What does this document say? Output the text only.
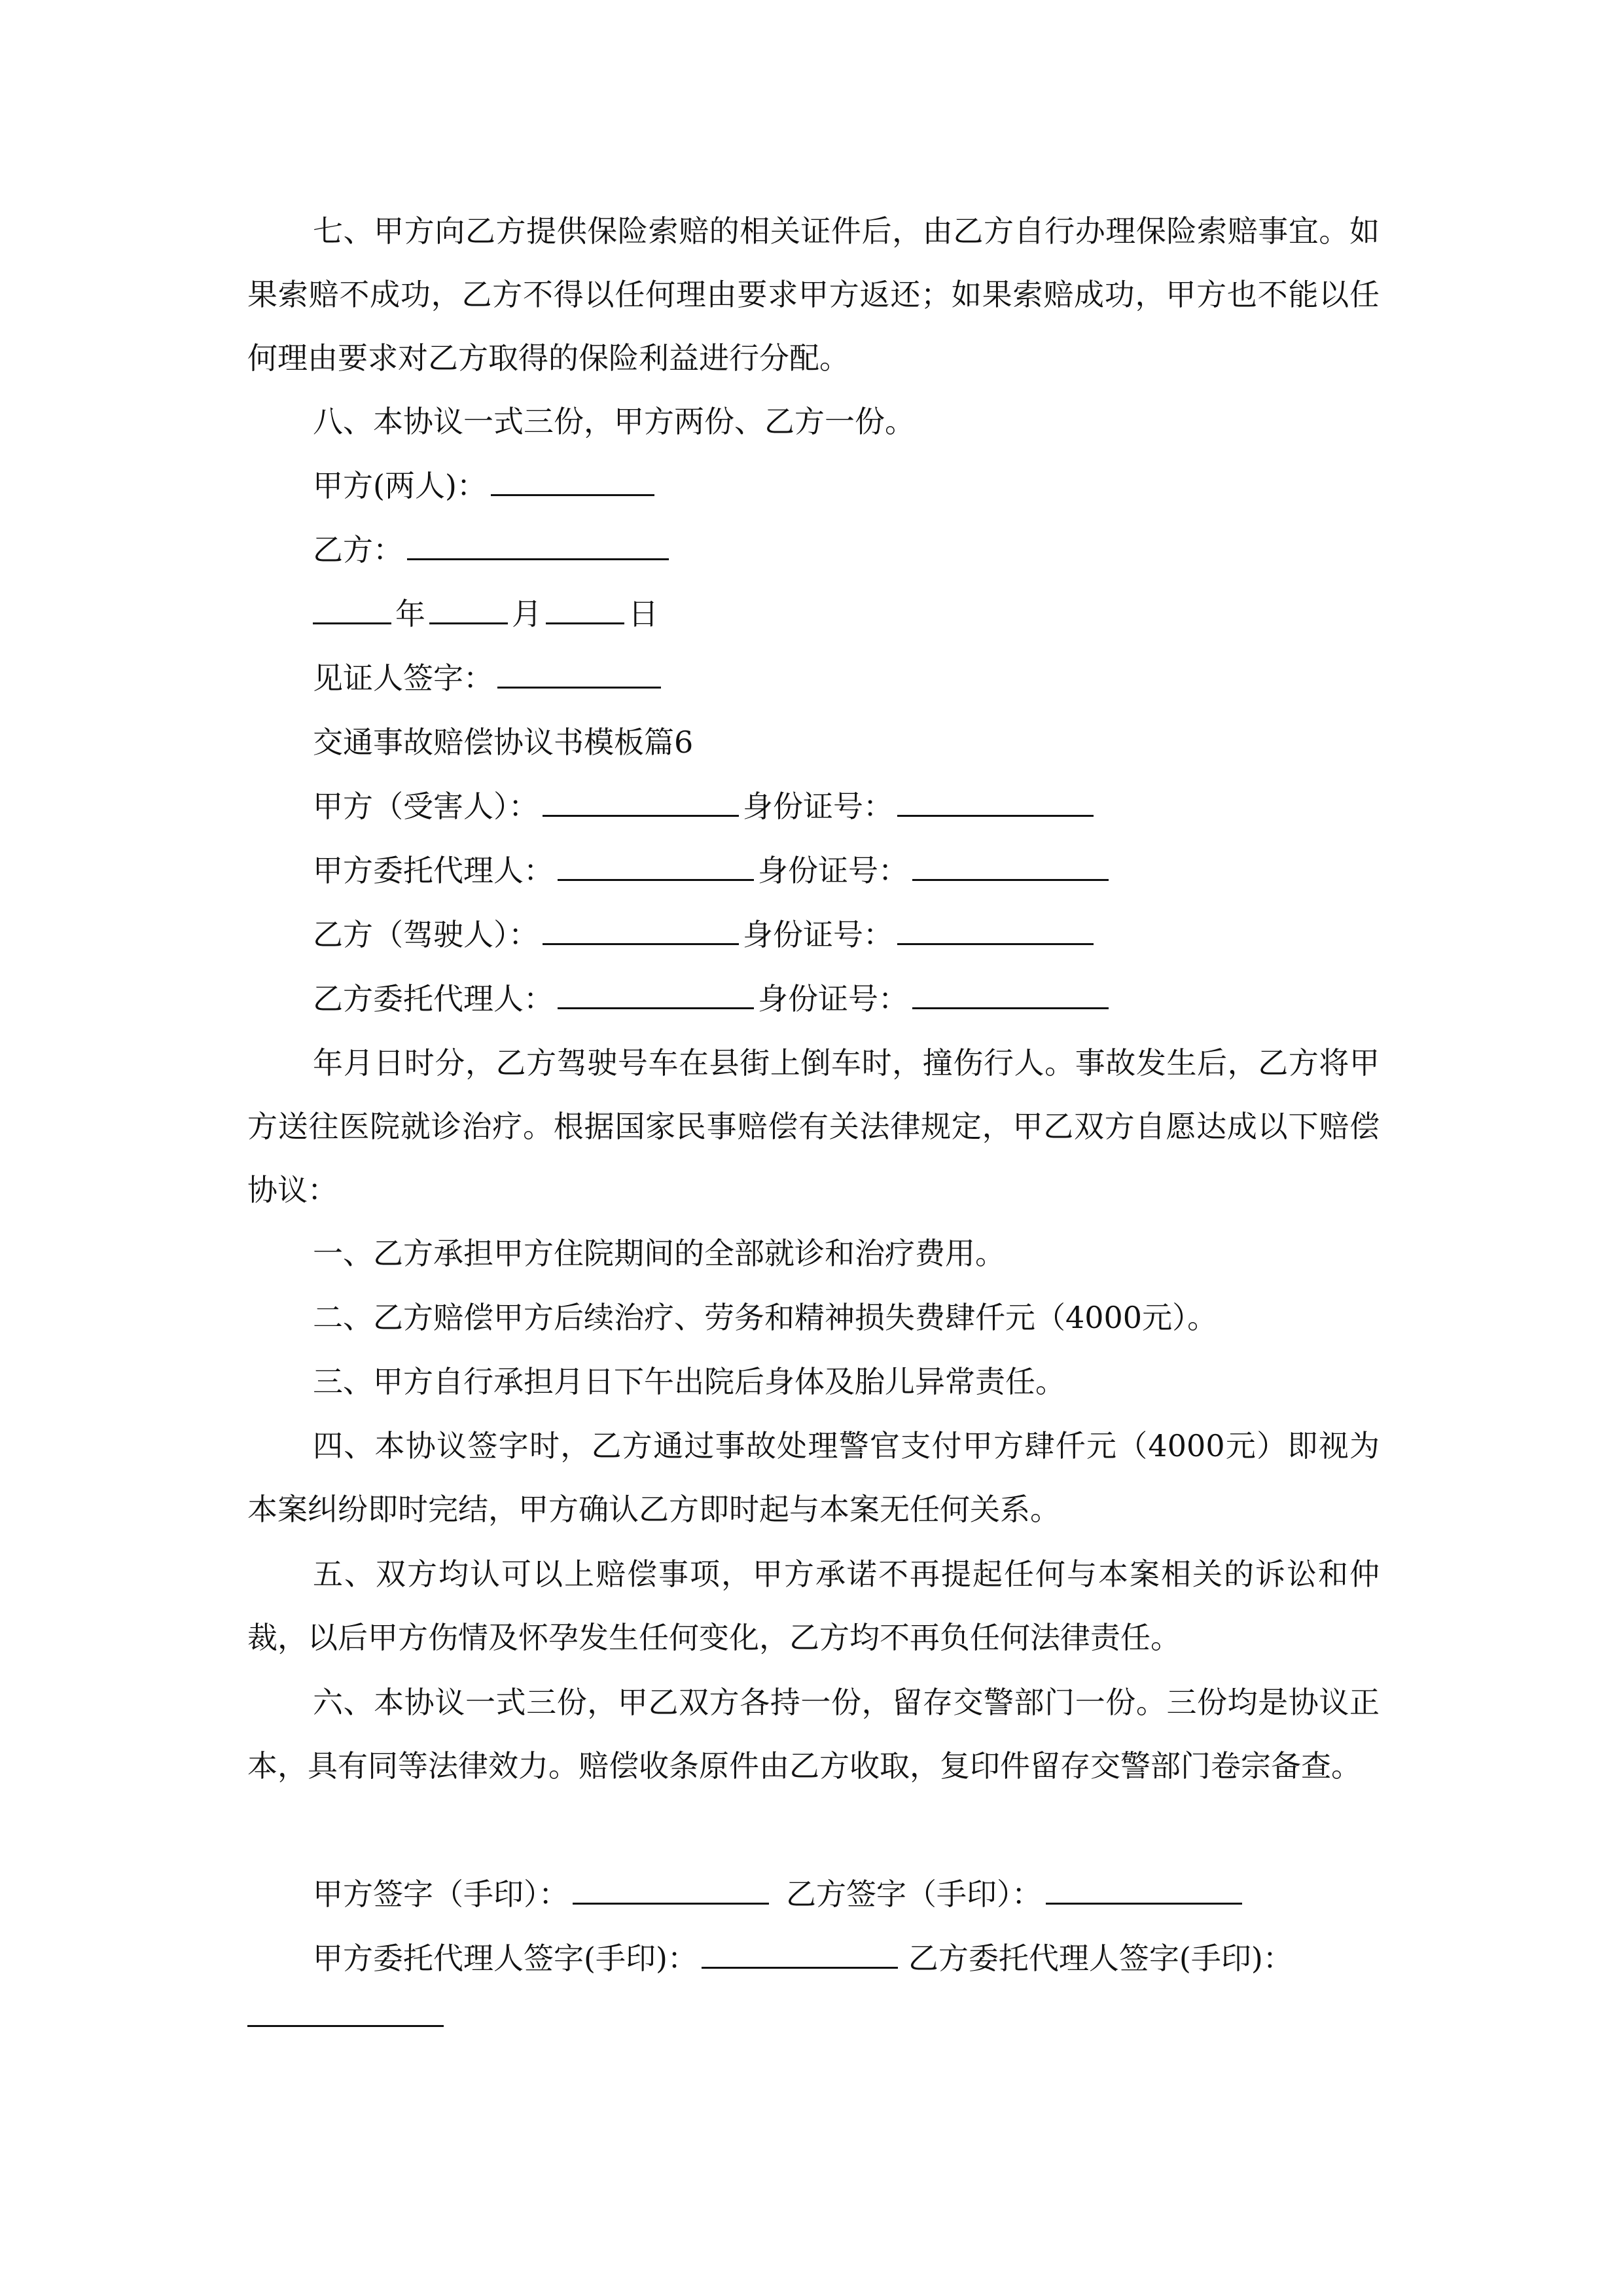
七、甲方向乙方提供保险索赔的相关证件后，由乙方自行办理保险索赔事宜。如果索赔不成功，乙方不得以任何理由要求甲方返还；如果索赔成功，甲方也不能以任何理由要求对乙方取得的保险利益进行分配。

八、本协议一式三份，甲方两份、乙方一份。
甲方(两人)：
乙方：
年	月	日
见证人签字：
交通事故赔偿协议书模板篇6
甲方（受害人）：	身份证号：
甲方委托代理人：	身份证号：
乙方（驾驶人）：	身份证号：
乙方委托代理人：	身份证号：

年月日时分，乙方驾驶号车在县街上倒车时，撞伤行人。事故发生后，乙方将甲方送往医院就诊治疗。根据国家民事赔偿有关法律规定，甲乙双方自愿达成以下赔偿协议：

一、乙方承担甲方住院期间的全部就诊和治疗费用。

二、乙方赔偿甲方后续治疗、劳务和精神损失费肆仟元（4000元）。

三、甲方自行承担月日下午出院后身体及胎儿异常责任。

四、本协议签字时，乙方通过事故处理警官支付甲方肆仟元（4000元）即视为本案纠纷即时完结，甲方确认乙方即时起与本案无任何关系。

五、双方均认可以上赔偿事项，甲方承诺不再提起任何与本案相关的诉讼和仲裁，以后甲方伤情及怀孕发生任何变化，乙方均不再负任何法律责任。

六、本协议一式三份，甲乙双方各持一份，留存交警部门一份。三份均是协议正本，具有同等法律效力。赔偿收条原件由乙方收取，复印件留存交警部门卷宗备查。

甲方签字（手印）：	乙方签字（手印）：
甲方委托代理人签字(手印)：	乙方委托代理人签字(手印)：
